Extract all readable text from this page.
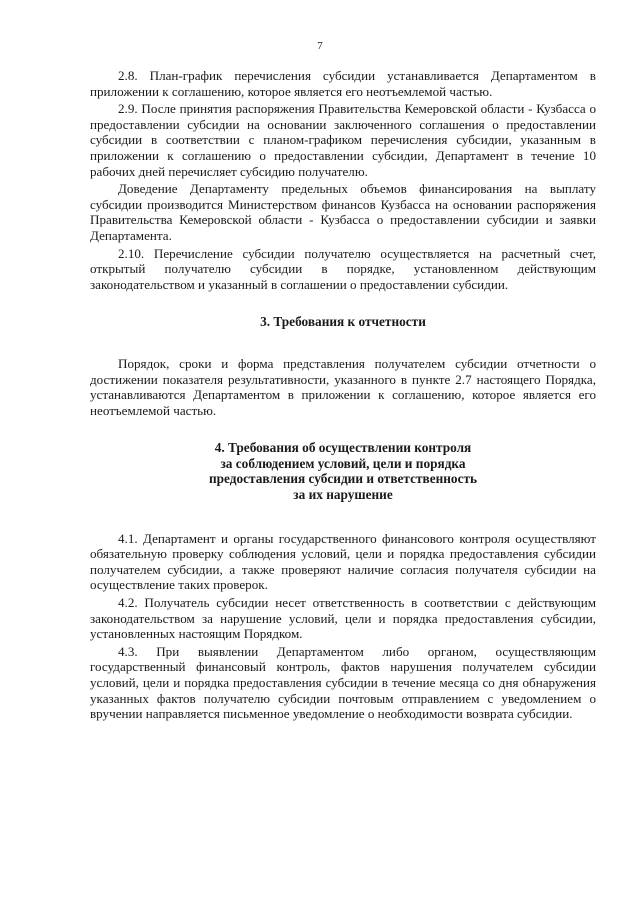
7

2.8. План-график перечисления субсидии устанавливается Департаментом в приложении к соглашению, которое является его неотъемлемой частью.

2.9. После принятия распоряжения Правительства Кемеровской области - Кузбасса о предоставлении субсидии на основании заключенного соглашения о предоставлении субсидии в соответствии с планом-графиком перечисления субсидии, указанным в приложении к соглашению о предоставлении субсидии, Департамент в течение 10 рабочих дней перечисляет субсидию получателю.

Доведение Департаменту предельных объемов финансирования на выплату субсидии производится Министерством финансов Кузбасса на основании распоряжения Правительства Кемеровской области - Кузбасса о предоставлении субсидии и заявки Департамента.

2.10. Перечисление субсидии получателю осуществляется на расчетный счет, открытый получателю субсидии в порядке, установленном действующим законодательством и указанный в соглашении о предоставлении субсидии.

3. Требования к отчетности

Порядок, сроки и форма представления получателем субсидии отчетности о достижении показателя результативности, указанного в пункте 2.7 настоящего Порядка, устанавливаются Департаментом в приложении к соглашению, которое является его неотъемлемой частью.

4. Требования об осуществлении контроля
за соблюдением условий, цели и порядка
предоставления субсидии и ответственность
за их нарушение

4.1. Департамент и органы государственного финансового контроля осуществляют обязательную проверку соблюдения условий, цели и порядка предоставления субсидии получателем субсидии, а также проверяют наличие согласия получателя субсидии на осуществление таких проверок.

4.2. Получатель субсидии несет ответственность в соответствии с действующим законодательством за нарушение условий, цели и порядка предоставления субсидии, установленных настоящим Порядком.

4.3. При выявлении Департаментом либо органом, осуществляющим государственный финансовый контроль, фактов нарушения получателем субсидии условий, цели и порядка предоставления субсидии в течение месяца со дня обнаружения указанных фактов получателю субсидии почтовым отправлением с уведомлением о вручении направляется письменное уведомление о необходимости возврата субсидии.
